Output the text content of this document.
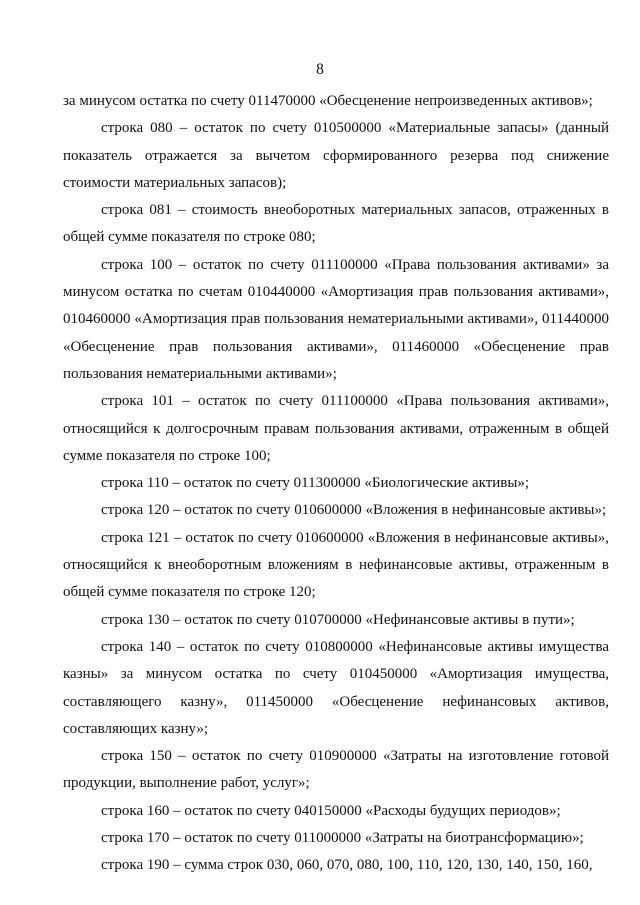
8

за минусом остатка по счету 011470000 «Обесценение непроизведенных активов»;

строка 080 – остаток по счету 010500000 «Материальные запасы» (данный показатель отражается за вычетом сформированного резерва под снижение стоимости материальных запасов);

строка 081 – стоимость внеоборотных материальных запасов, отраженных в общей сумме показателя по строке 080;

строка 100 – остаток по счету 011100000 «Права пользования активами» за минусом остатка по счетам 010440000 «Амортизация прав пользования активами», 010460000 «Амортизация прав пользования нематериальными активами», 011440000 «Обесценение прав пользования активами», 011460000 «Обесценение прав пользования нематериальными активами»;

строка 101 – остаток по счету 011100000 «Права пользования активами», относящийся к долгосрочным правам пользования активами, отраженным в общей сумме показателя по строке 100;

строка 110 – остаток по счету 011300000 «Биологические активы»;

строка 120 – остаток по счету 010600000 «Вложения в нефинансовые активы»;

строка 121 – остаток по счету 010600000 «Вложения в нефинансовые активы», относящийся к внеоборотным вложениям в нефинансовые активы, отраженным в общей сумме показателя по строке 120;

строка 130 – остаток по счету 010700000 «Нефинансовые активы в пути»;

строка 140 – остаток по счету 010800000 «Нефинансовые активы имущества казны» за минусом остатка по счету 010450000 «Амортизация имущества, составляющего казну», 011450000 «Обесценение нефинансовых активов, составляющих казну»;

строка 150 – остаток по счету 010900000 «Затраты на изготовление готовой продукции, выполнение работ, услуг»;

строка 160 – остаток по счету 040150000 «Расходы будущих периодов»;

строка 170 – остаток по счету 011000000 «Затраты на биотрансформацию»;

строка 190 – сумма строк 030, 060, 070, 080, 100, 110, 120, 130, 140, 150, 160,
